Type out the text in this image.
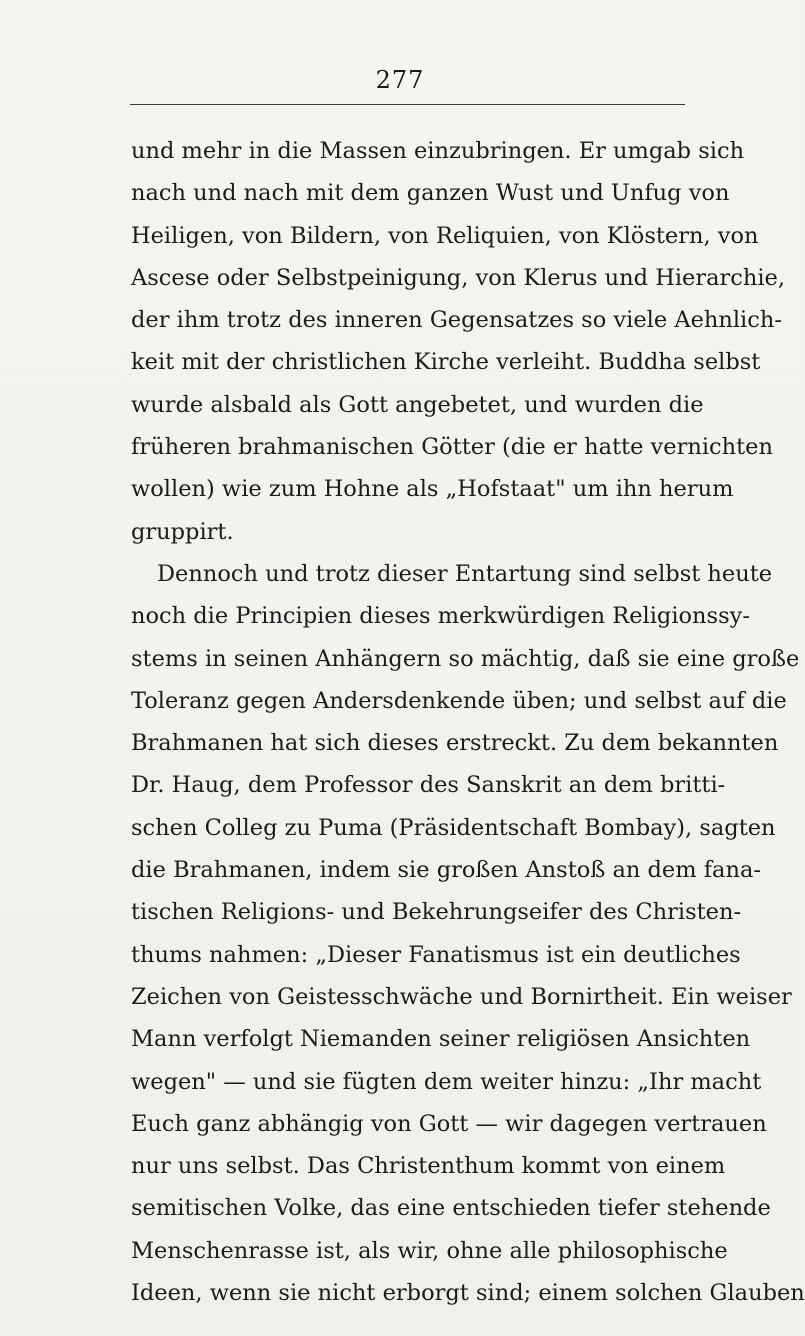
277
und mehr in die Massen einzubringen. Er umgab sich
nach und nach mit dem ganzen Wust und Unfug von
Heiligen, von Bildern, von Reliquien, von Klöstern, von
Ascese oder Selbstpeinigung, von Klerus und Hierarchie,
der ihm trotz des inneren Gegensatzes so viele Aehnlich-
keit mit der christlichen Kirche verleiht. Buddha selbst
wurde alsbald als Gott angebetet, und wurden die
früheren brahmanischen Götter (die er hatte vernichten
wollen) wie zum Hohne als „Hofstaat" um ihn herum
gruppirt.
Dennoch und trotz dieser Entartung sind selbst heute
noch die Principien dieses merkwürdigen Religionssy-
stems in seinen Anhängern so mächtig, daß sie eine große
Toleranz gegen Andersdenkende üben; und selbst auf die
Brahmanen hat sich dieses erstreckt. Zu dem bekannten
Dr. Haug, dem Professor des Sanskrit an dem britti-
schen Colleg zu Puma (Präsidentschaft Bombay), sagten
die Brahmanen, indem sie großen Anstoß an dem fana-
tischen Religions- und Bekehrungseifer des Christen-
thums nahmen: „Dieser Fanatismus ist ein deutliches
Zeichen von Geistesschwäche und Bornirtheit. Ein weiser
Mann verfolgt Niemanden seiner religiösen Ansichten
wegen" — und sie fügten dem weiter hinzu: „Ihr macht
Euch ganz abhängig von Gott — wir dagegen vertrauen
nur uns selbst. Das Christenthum kommt von einem
semitischen Volke, das eine entschieden tiefer stehende
Menschenrasse ist, als wir, ohne alle philosophische
Ideen, wenn sie nicht erborgt sind; einem solchen Glauben
